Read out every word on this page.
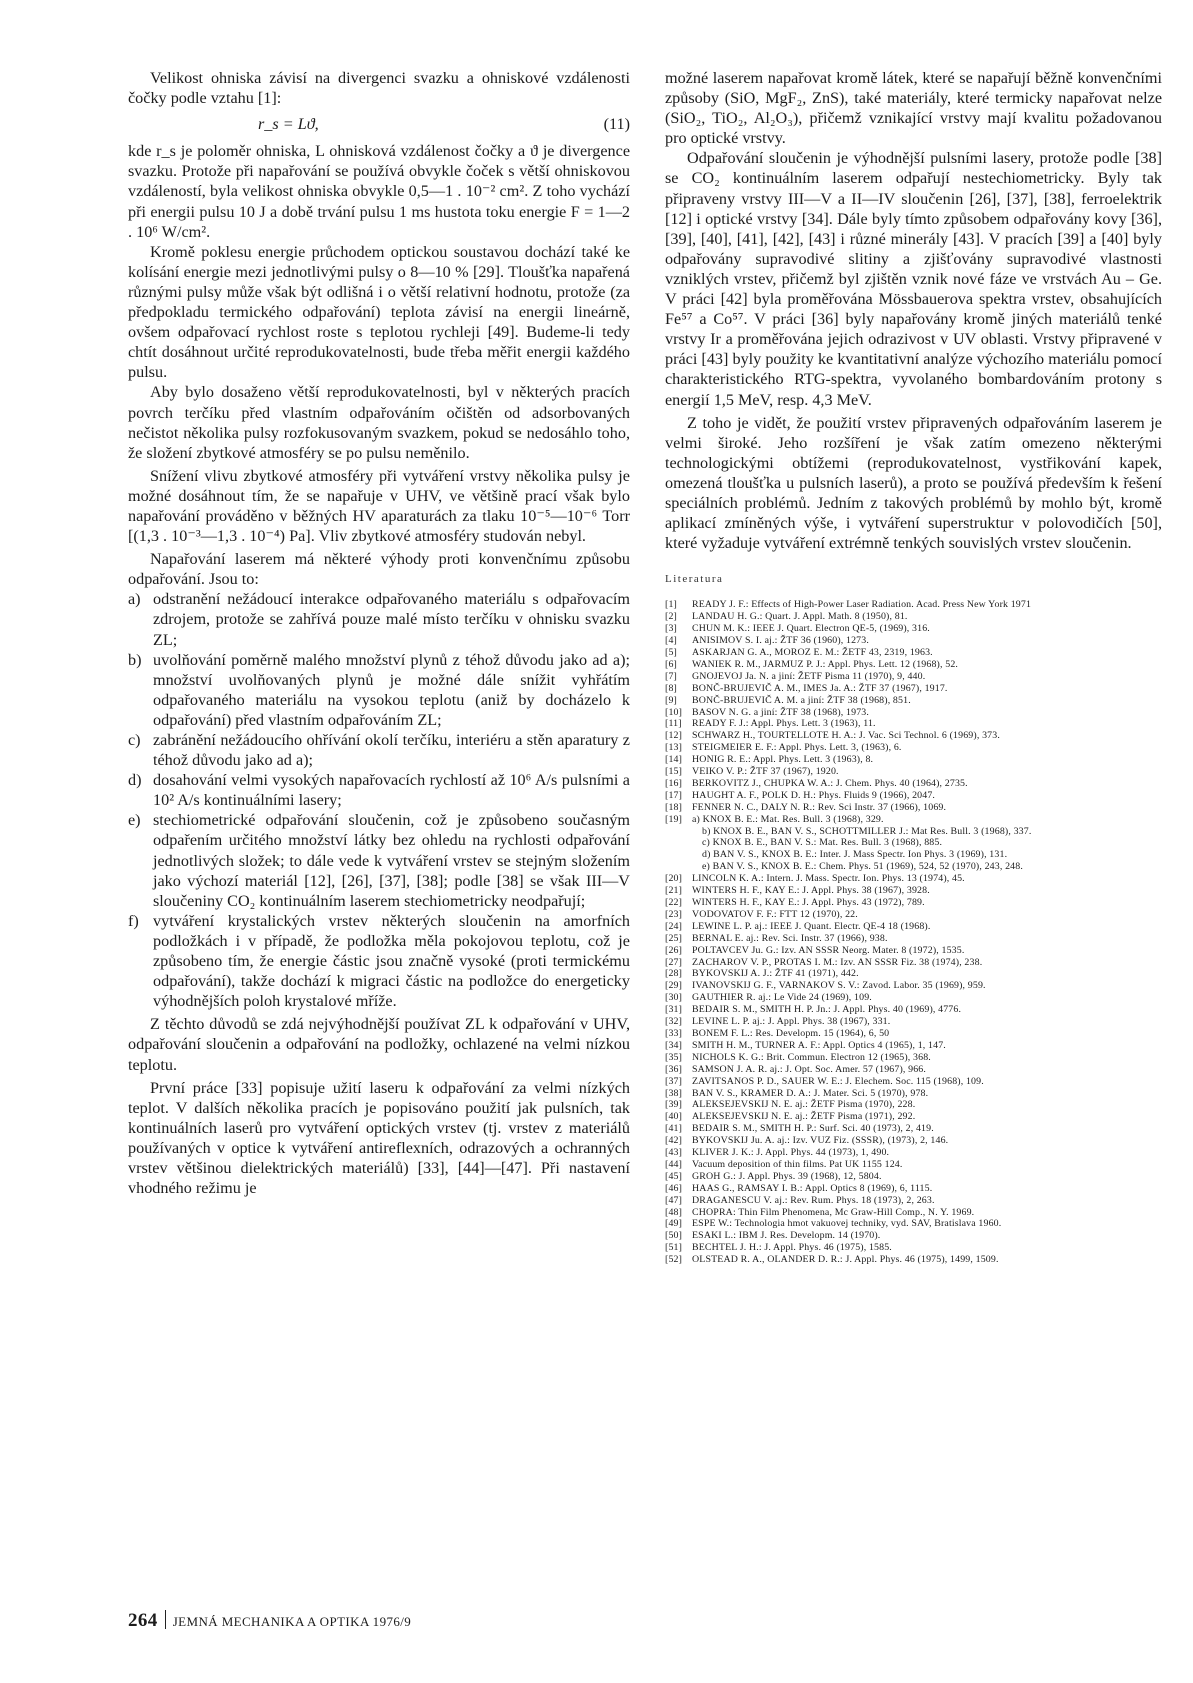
Velikost ohniska závisí na divergenci svazku a ohniskové vzdálenosti čočky podle vztahu [1]:

r_s = Lϑ,	(11)

kde r_s je poloměr ohniska, L ohnisková vzdálenost čočky a ϑ je divergence svazku. Protože při napařování se používá obvykle čoček s větší ohniskovou vzdáleností, byla velikost ohniska obvykle 0,5—1 . 10⁻² cm². Z toho vychází při energii pulsu 10 J a době trvání pulsu 1 ms hustota toku energie F = 1—2 . 10⁶ W/cm².

Kromě poklesu energie průchodem optickou soustavou dochází také ke kolísání energie mezi jednotlivými pulsy o 8—10 % [29]. Tloušťka napařená různými pulsy může však být odlišná i o větší relativní hodnotu, protože (za předpokladu termického odpařování) teplota závisí na energii lineárně, ovšem odpařovací rychlost roste s teplotou rychleji [49]. Budeme-li tedy chtít dosáhnout určité reprodukovatelnosti, bude třeba měřit energii každého pulsu.

Aby bylo dosaženo větší reprodukovatelnosti, byl v některých pracích povrch terčíku před vlastním odpařováním očištěn od adsorbovaných nečistot několika pulsy rozfokusovaným svazkem, pokud se nedosáhlo toho, že složení zbytkové atmosféry se po pulsu neměnilo.

Snížení vlivu zbytkové atmosféry při vytváření vrstvy několika pulsy je možné dosáhnout tím, že se napařuje v UHV, ve většině prací však bylo napařování prováděno v běžných HV aparaturách za tlaku 10⁻⁵—10⁻⁶ Torr [(1,3 . 10⁻³—1,3 . 10⁻⁴) Pa]. Vliv zbytkové atmosféry studován nebyl.

Napařování laserem má některé výhody proti konvenčnímu způsobu odpařování. Jsou to:

a) odstranění nežádoucí interakce odpařovaného materiálu s odpařovacím zdrojem, protože se zahřívá pouze malé místo terčíku v ohnisku svazku ZL;
b) uvolňování poměrně malého množství plynů z téhož důvodu jako ad a); množství uvolňovaných plynů je možné dále snížit vyhřátím odpařovaného materiálu na vysokou teplotu (aniž by docházelo k odpařování) před vlastním odpařováním ZL;
c) zabránění nežádoucího ohřívání okolí terčíku, interiéru a stěn aparatury z téhož důvodu jako ad a);
d) dosahování velmi vysokých napařovacích rychlostí až 10⁶ A/s pulsními a 10² A/s kontinuálními lasery;
e) stechiometrické odpařování sloučenin, což je způsobeno současným odpařením určitého množství látky bez ohledu na rychlosti odpařování jednotlivých složek; to dále vede k vytváření vrstev se stejným složením jako výchozí materiál [12], [26], [37], [38]; podle [38] se však III—V sloučeniny CO₂ kontinuálním laserem stechiometricky neodpařují;
f) vytváření krystalických vrstev některých sloučenin na amorfních podložkách i v případě, že podložka měla pokojovou teplotu, což je způsobeno tím, že energie částic jsou značně vysoké (proti termickému odpařování), takže dochází k migraci částic na podložce do energeticky výhodnějších poloh krystalové mříže.

Z těchto důvodů se zdá nejvýhodnější používat ZL k odpařování v UHV, odpařování sloučenin a odpařování na podložky, ochlazené na velmi nízkou teplotu.

První práce [33] popisuje užití laseru k odpařování za velmi nízkých teplot. V dalších několika pracích je popisováno použití jak pulsních, tak kontinuálních laserů pro vytváření optických vrstev (tj. vrstev z materiálů používaných v optice k vytváření antireflexních, odrazových a ochranných vrstev většinou dielektrických materiálů) [33], [44]—[47]. Při nastavení vhodného režimu je

možné laserem napařovat kromě látek, které se napařují běžně konvenčními způsoby (SiO, MgF₂, ZnS), také materiály, které termicky napařovat nelze (SiO₂, TiO₂, Al₂O₃), přičemž vznikající vrstvy mají kvalitu požadovanou pro optické vrstvy.

Odpařování sloučenin je výhodnější pulsními lasery, protože podle [38] se CO₂ kontinuálním laserem odpařují nestechiometricky. Byly tak připraveny vrstvy III—V a II—IV sloučenin [26], [37], [38], ferroelektrik [12] i optické vrstvy [34]. Dále byly tímto způsobem odpařovány kovy [36], [39], [40], [41], [42], [43] i různé minerály [43]. V pracích [39] a [40] byly odpařovány supravodivé slitiny a zjišťovány supravodivé vlastnosti vzniklých vrstev, přičemž byl zjištěn vznik nové fáze ve vrstvách Au – Ge. V práci [42] byla proměřována Mössbauerova spektra vrstev, obsahujících Fe⁵⁷ a Co⁵⁷. V práci [36] byly napařovány kromě jiných materiálů tenké vrstvy Ir a proměřována jejich odrazivost v UV oblasti. Vrstvy připravené v práci [43] byly použity ke kvantitativní analýze výchozího materiálu pomocí charakteristického RTG-spektra, vyvolaného bombardováním protony s energií 1,5 MeV, resp. 4,3 MeV.

Z toho je vidět, že použití vrstev připravených odpařováním laserem je velmi široké. Jeho rozšíření je však zatím omezeno některými technologickými obtížemi (reprodukovatelnost, vystřikování kapek, omezená tloušťka u pulsních laserů), a proto se používá především k řešení speciálních problémů. Jedním z takových problémů by mohlo být, kromě aplikací zmíněných výše, i vytváření superstruktur v polovodičích [50], které vyžaduje vytváření extrémně tenkých souvislých vrstev sloučenin.

Literatura
[1]	READY J. F.: Effects of High-Power Laser Radiation. Acad. Press New York 1971
[2]	LANDAU H. G.: Quart. J. Appl. Math. 8 (1950), 81.
[3]	CHUN M. K.: IEEE J. Quart. Electron QE-5, (1969), 316.
[4]	ANISIMOV S. I. aj.: ŽTF 36 (1960), 1273.
[5]	ASKARJAN G. A., MOROZ E. M.: ŽETF 43, 2319, 1963.
[6]	WANIEK R. M., JARMUZ P. J.: Appl. Phys. Lett. 12 (1968), 52.
[7]	GNOJEVOJ Ja. N. a jiní: ŽETF Pisma 11 (1970), 9, 440.
[8]	BONČ-BRUJEVIČ A. M., IMES Ja. A.: ŽTF 37 (1967), 1917.
[9]	BONČ-BRUJEVIČ A. M. a jiní: ŽTF 38 (1968), 851.
[10]	BASOV N. G. a jiní: ŽTF 38 (1968), 1973.
[11]	READY F. J.: Appl. Phys. Lett. 3 (1963), 11.
[12]	SCHWARZ H., TOURTELLOTE H. A.: J. Vac. Sci Technol. 6 (1969), 373.
[13]	STEIGMEIER E. F.: Appl. Phys. Lett. 3, (1963), 6.
[14]	HONIG R. E.: Appl. Phys. Lett. 3 (1963), 8.
[15]	VEIKO V. P.: ŽTF 37 (1967), 1920.
[16]	BERKOVITZ J., CHUPKA W. A.: J. Chem. Phys. 40 (1964), 2735.
[17]	HAUGHT A. F., POLK D. H.: Phys. Fluids 9 (1966), 2047.
[18]	FENNER N. C., DALY N. R.: Rev. Sci Instr. 37 (1966), 1069.
[19]	a) KNOX B. E.: Mat. Res. Bull. 3 (1968), 329.
b) KNOX B. E., BAN V. S., SCHOTTMILLER J.: Mat Res. Bull. 3 (1968), 337.
c) KNOX B. E., BAN V. S.: Mat. Res. Bull. 3 (1968), 885.
d) BAN V. S., KNOX B. E.: Inter. J. Mass Spectr. Ion Phys. 3 (1969), 131.
e) BAN V. S., KNOX B. E.: Chem. Phys. 51 (1969), 524, 52 (1970), 243, 248.
[20]	LINCOLN K. A.: Intern. J. Mass. Spectr. Ion. Phys. 13 (1974), 45.
[21]	WINTERS H. F., KAY E.: J. Appl. Phys. 38 (1967), 3928.
[22]	WINTERS H. F., KAY E.: J. Appl. Phys. 43 (1972), 789.
[23]	VODOVATOV F. F.: FTT 12 (1970), 22.
[24]	LEWINE L. P. aj.: IEEE J. Quant. Electr. QE-4 18 (1968).
[25]	BERNAL E. aj.: Rev. Sci. Instr. 37 (1966), 938.
[26]	POLTAVCEV Ju. G.: Izv. AN SSSR Neorg. Mater. 8 (1972), 1535.
[27]	ZACHAROV V. P., PROTAS I. M.: Izv. AN SSSR Fiz. 38 (1974), 238.
[28]	BYKOVSKIJ A. J.: ŽTF 41 (1971), 442.
[29]	IVANOVSKIJ G. F., VARNAKOV S. V.: Zavod. Labor. 35 (1969), 959.
[30]	GAUTHIER R. aj.: Le Vide 24 (1969), 109.
[31]	BEDAIR S. M., SMITH H. P. Jn.: J. Appl. Phys. 40 (1969), 4776.
[32]	LEVINE L. P. aj.: J. Appl. Phys. 38 (1967), 331.
[33]	BONEM F. L.: Res. Developm. 15 (1964), 6, 50
[34]	SMITH H. M., TURNER A. F.: Appl. Optics 4 (1965), 1, 147.
[35]	NICHOLS K. G.: Brit. Commun. Electron 12 (1965), 368.
[36]	SAMSON J. A. R. aj.: J. Opt. Soc. Amer. 57 (1967), 966.
[37]	ZAVITSANOS P. D., SAUER W. E.: J. Elechem. Soc. 115 (1968), 109.
[38]	BAN V. S., KRAMER D. A.: J. Mater. Sci. 5 (1970), 978.
[39]	ALEKSEJEVSKIJ N. E. aj.: ŽETF Pisma (1970), 228.
[40]	ALEKSEJEVSKIJ N. E. aj.: ŽETF Pisma (1971), 292.
[41]	BEDAIR S. M., SMITH H. P.: Surf. Sci. 40 (1973), 2, 419.
[42]	BYKOVSKIJ Ju. A. aj.: Izv. VUZ Fiz. (SSSR), (1973), 2, 146.
[43]	KLIVER J. K.: J. Appl. Phys. 44 (1973), 1, 490.
[44]	Vacuum deposition of thin films. Pat UK 1155 124.
[45]	GROH G.: J. Appl. Phys. 39 (1968), 12, 5804.
[46]	HAAS G., RAMSAY I. B.: Appl. Optics 8 (1969), 6, 1115.
[47]	DRAGANESCU V. aj.: Rev. Rum. Phys. 18 (1973), 2, 263.
[48]	CHOPRA: Thin Film Phenomena, Mc Graw-Hill Comp., N. Y. 1969.
[49]	ESPE W.: Technologia hmot vakuovej techniky, vyd. SAV, Bratislava 1960.
[50]	ESAKI L.: IBM J. Res. Developm. 14 (1970).
[51]	BECHTEL J. H.: J. Appl. Phys. 46 (1975), 1585.
[52]	OLSTEAD R. A., OLANDER D. R.: J. Appl. Phys. 46 (1975), 1499, 1509.
264 JEMNÁ MECHANIKA A OPTIKA 1976/9
